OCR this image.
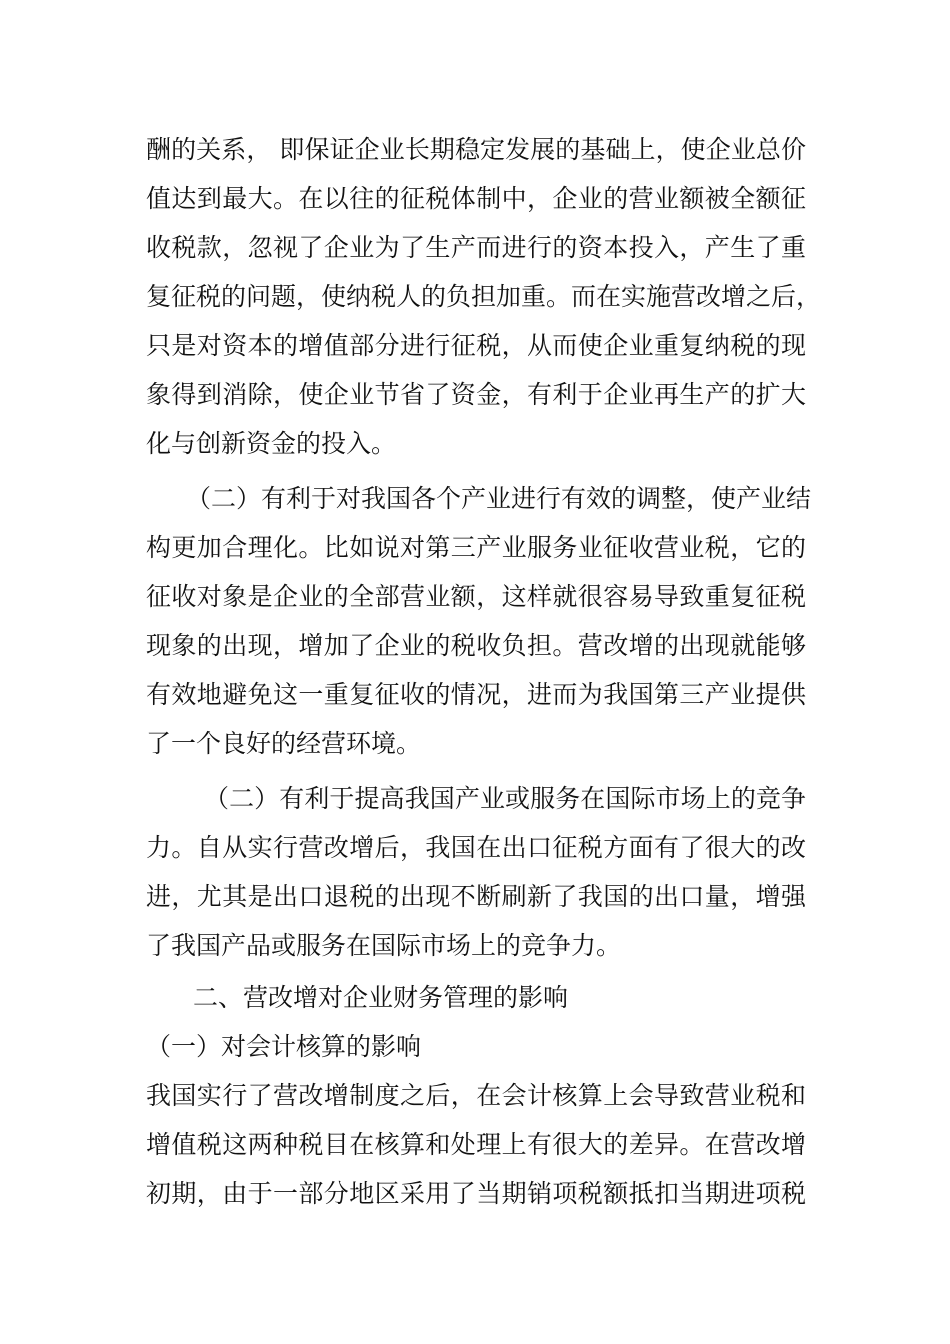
酬的关系， 即保证企业长期稳定发展的基础上，使企业总价
值达到最大。在以往的征税体制中，企业的营业额被全额征
收税款，忽视了企业为了生产而进行的资本投入，产生了重
复征税的问题，使纳税人的负担加重。而在实施营改增之后，
只是对资本的增值部分进行征税，从而使企业重复纳税的现
象得到消除，使企业节省了资金，有利于企业再生产的扩大
化与创新资金的投入。
（二）有利于对我国各个产业进行有效的调整，使产业结
构更加合理化。比如说对第三产业服务业征收营业税，它的
征收对象是企业的全部营业额，这样就很容易导致重复征税
现象的出现，增加了企业的税收负担。营改增的出现就能够
有效地避免这一重复征收的情况，进而为我国第三产业提供
了一个良好的经营环境。
（二）有利于提高我国产业或服务在国际市场上的竞争
力。自从实行营改增后，我国在出口征税方面有了很大的改
进，尤其是出口退税的出现不断刷新了我国的出口量，增强
了我国产品或服务在国际市场上的竞争力。
二、营改增对企业财务管理的影响
（一）对会计核算的影响
我国实行了营改增制度之后，在会计核算上会导致营业税和
增值税这两种税目在核算和处理上有很大的差异。在营改增
初期，由于一部分地区采用了当期销项税额抵扣当期进项税
